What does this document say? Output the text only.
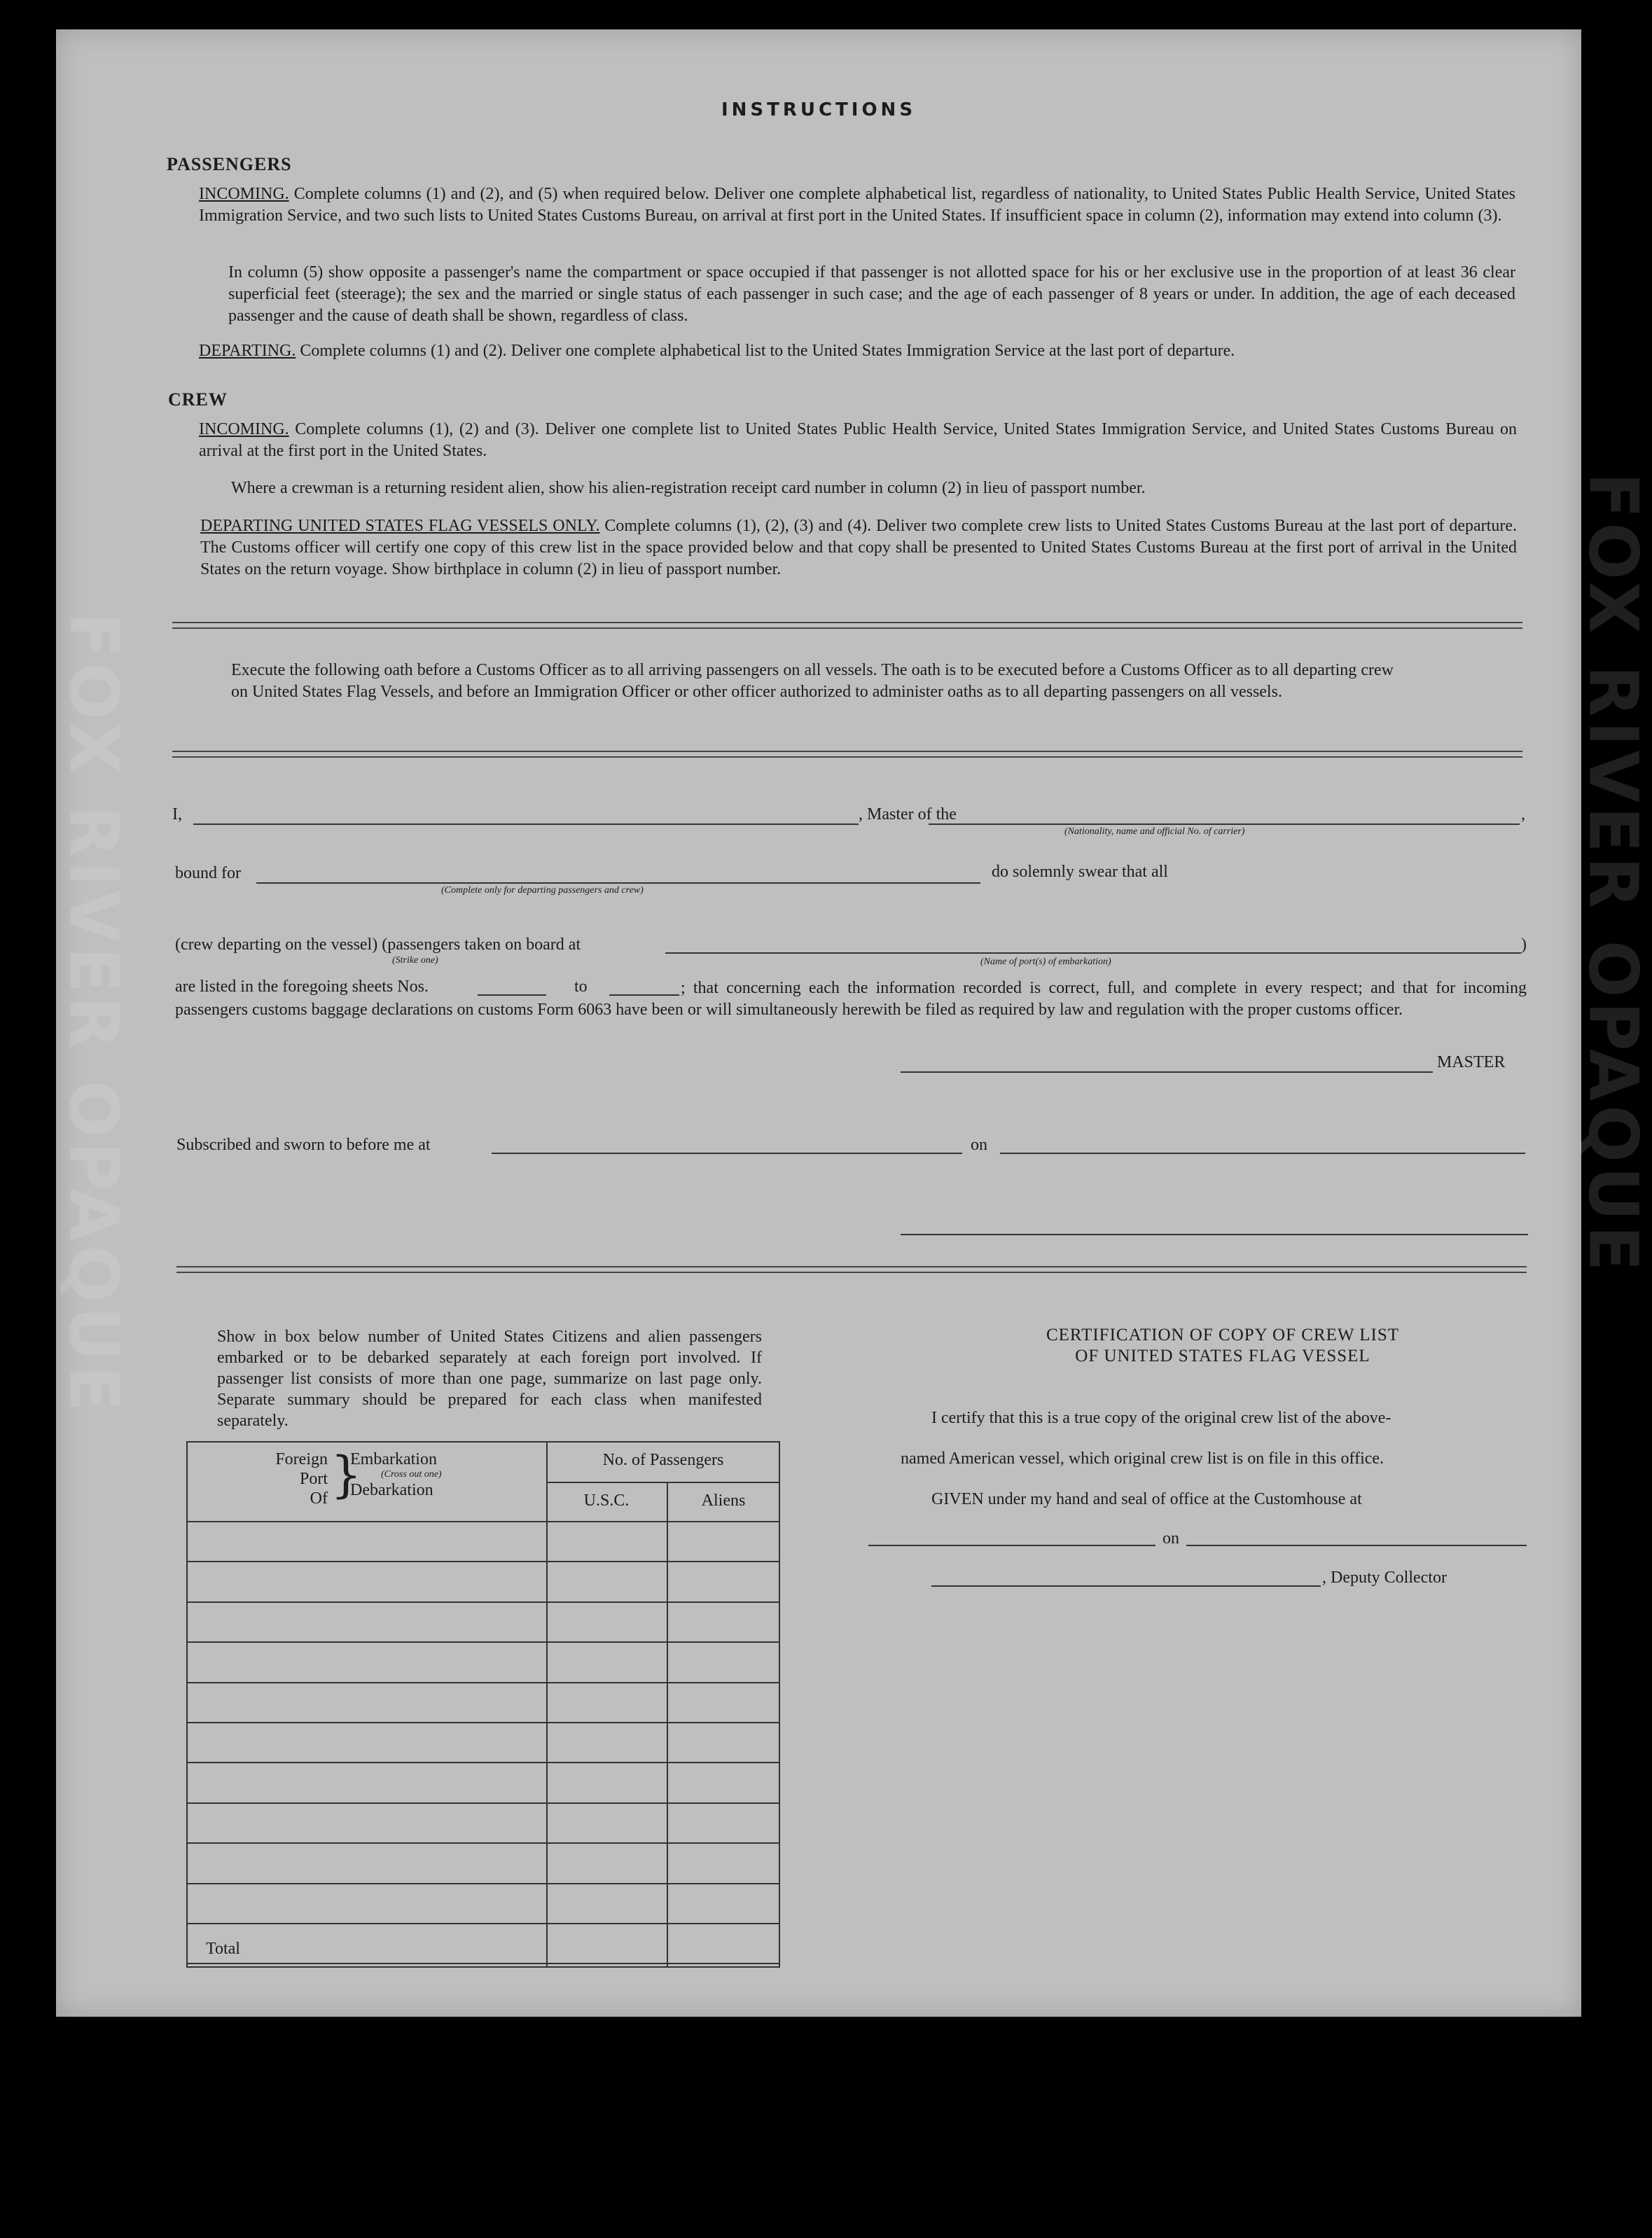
FOX RIVER OPAQUE	FOX RIVER OPAQUE
INSTRUCTIONS
PASSENGERS
INCOMING. Complete columns (1) and (2), and (5) when required below. Deliver one complete alphabetical list, regardless of nationality, to United States Public Health Service, United States Immigration Service, and two such lists to United States Customs Bureau, on arrival at first port in the United States. If insufficient space in column (2), information may extend into column (3).
In column (5) show opposite a passenger's name the compartment or space occupied if that passenger is not allotted space for his or her exclusive use in the proportion of at least 36 clear superficial feet (steerage); the sex and the married or single status of each passenger in such case; and the age of each passenger of 8 years or under. In addition, the age of each deceased passenger and the cause of death shall be shown, regardless of class.
DEPARTING. Complete columns (1) and (2). Deliver one complete alphabetical list to the United States Immigration Service at the last port of departure.
CREW
INCOMING. Complete columns (1), (2) and (3). Deliver one complete list to United States Public Health Service, United States Immigration Service, and United States Customs Bureau on arrival at the first port in the United States.
Where a crewman is a returning resident alien, show his alien-registration receipt card number in column (2) in lieu of passport number.
DEPARTING UNITED STATES FLAG VESSELS ONLY. Complete columns (1), (2), (3) and (4). Deliver two complete crew lists to United States Customs Bureau at the last port of departure. The Customs officer will certify one copy of this crew list in the space provided below and that copy shall be presented to United States Customs Bureau at the first port of arrival in the United States on the return voyage. Show birthplace in column (2) in lieu of passport number.
Execute the following oath before a Customs Officer as to all arriving passengers on all vessels. The oath is to be executed before a Customs Officer as to all departing crew on United States Flag Vessels, and before an Immigration Officer or other officer authorized to administer oaths as to all departing passengers on all vessels.
I,	, Master of the	,
(Nationality, name and official No. of carrier)
bound for	do solemnly swear that all
(Complete only for departing passengers and crew)
(crew departing on the vessel) (passengers taken on board at	)
(Strike one)	(Name of port(s) of embarkation)
are listed in the foregoing sheets Nos.	to	; that concerning each the information recorded is correct, full, and complete in every respect; and that for incoming passengers customs baggage declarations on customs Form 6063 have been or will simultaneously herewith be filed as required by law and regulation with the proper customs officer.
MASTER
Subscribed and sworn to before me at	on
Show in box below number of United States Citizens and alien passengers embarked or to be debarked separately at each foreign port involved. If passenger list consists of more than one page, summarize on last page only. Separate summary should be prepared for each class when manifested separately.
Foreign
Port
Of }
Embarkation
(Cross out one)
Debarkation
No. of Passengers
U.S.C.	Aliens
Total
CERTIFICATION OF COPY OF CREW LIST
OF UNITED STATES FLAG VESSEL
I certify that this is a true copy of the original crew list of the above-
named American vessel, which original crew list is on file in this office.
GIVEN under my hand and seal of office at the Customhouse at
on
, Deputy Collector
